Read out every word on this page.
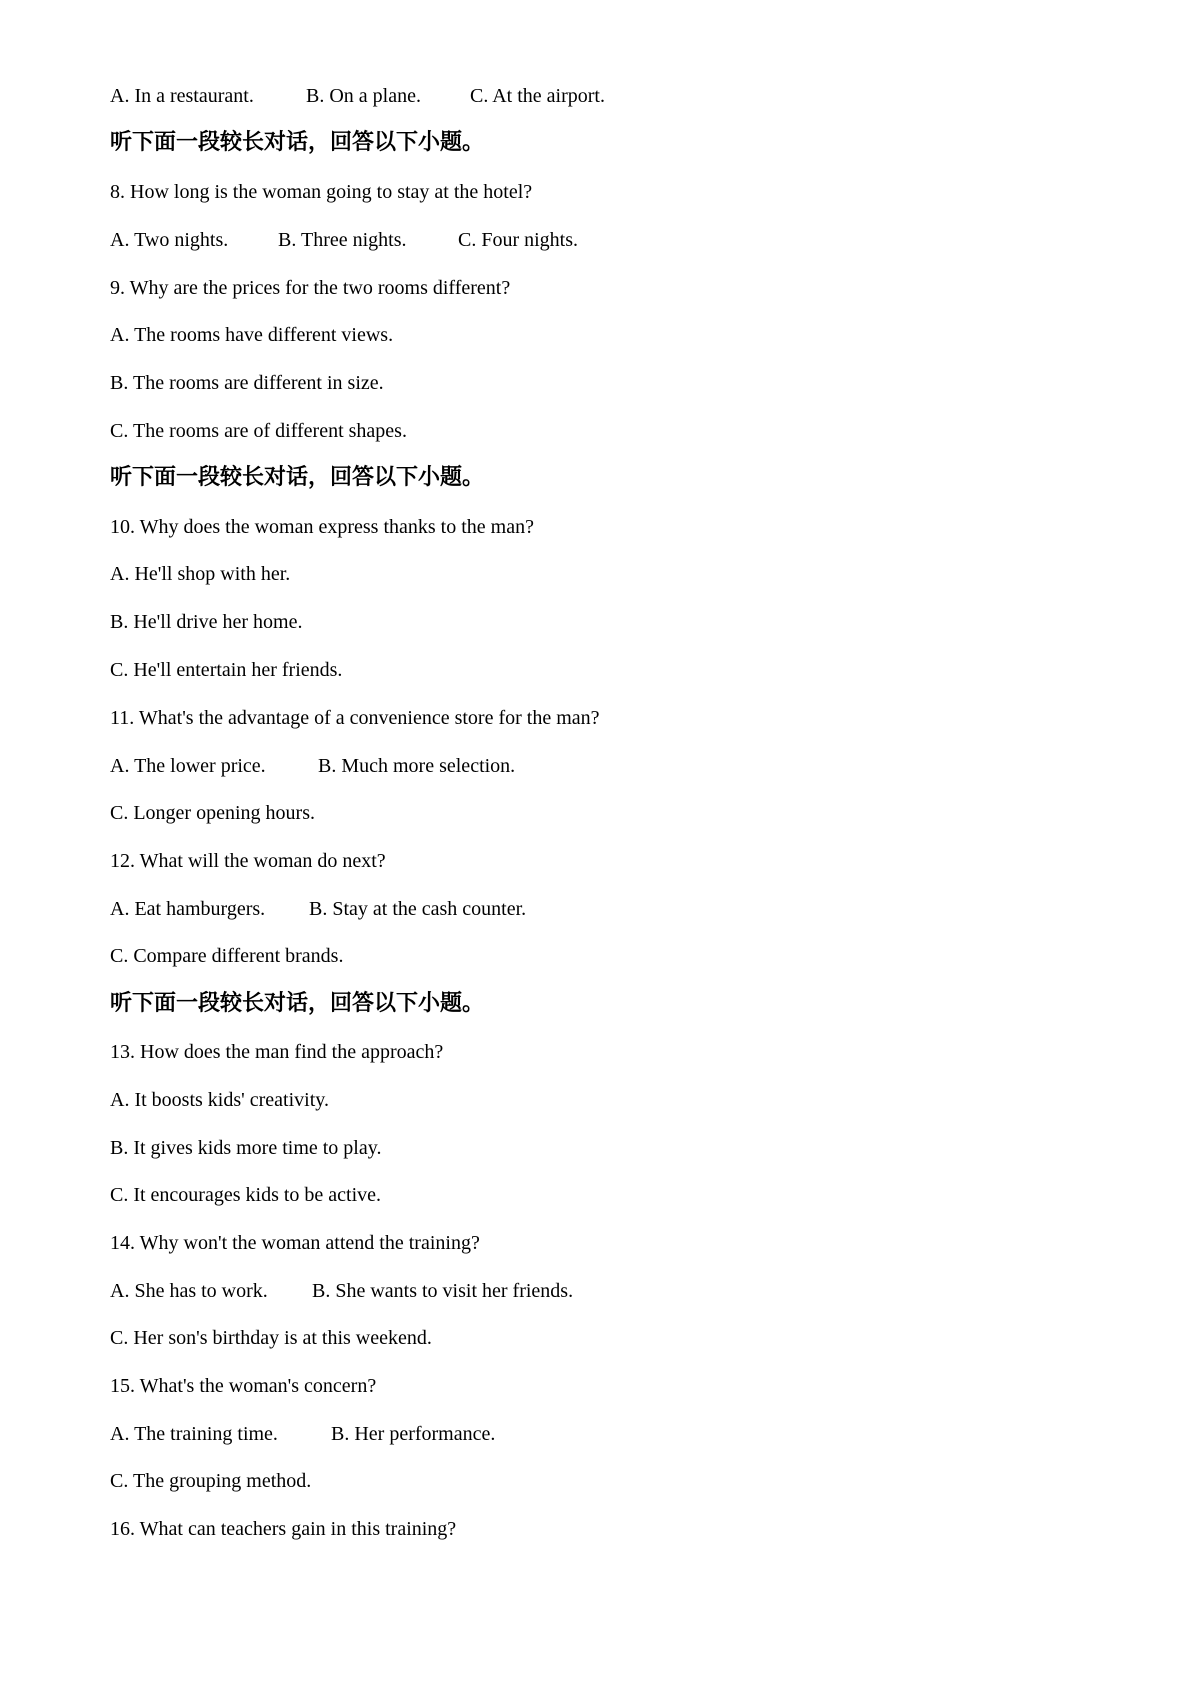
A. In a restaurant.	B. On a plane. C. At the airport.
听下面一段较长对话，回答以下小题。
8. How long is the woman going to stay at the hotel?
A. Two nights. B. Three nights.	C. Four nights.
9. Why are the prices for the two rooms different?
A. The rooms have different views.
B. The rooms are different in size.
C. The rooms are of different shapes.
听下面一段较长对话，回答以下小题。
10. Why does the woman express thanks to the man?
A. He'll shop with her.
B. He'll drive her home.
C. He'll entertain her friends.
11. What's the advantage of a convenience store for the man?
A. The lower price.	B. Much more selection.
C. Longer opening hours.
12. What will the woman do next?
A. Eat hamburgers. B. Stay at the cash counter.
C. Compare different brands.
听下面一段较长对话，回答以下小题。
13. How does the man find the approach?
A. It boosts kids' creativity.
B. It gives kids more time to play.
C. It encourages kids to be active.
14. Why won't the woman attend the training?
A. She has to work. B. She wants to visit her friends.
C. Her son's birthday is at this weekend.
15. What's the woman's concern?
A. The training time.	B. Her performance.
C. The grouping method.
16. What can teachers gain in this training?
